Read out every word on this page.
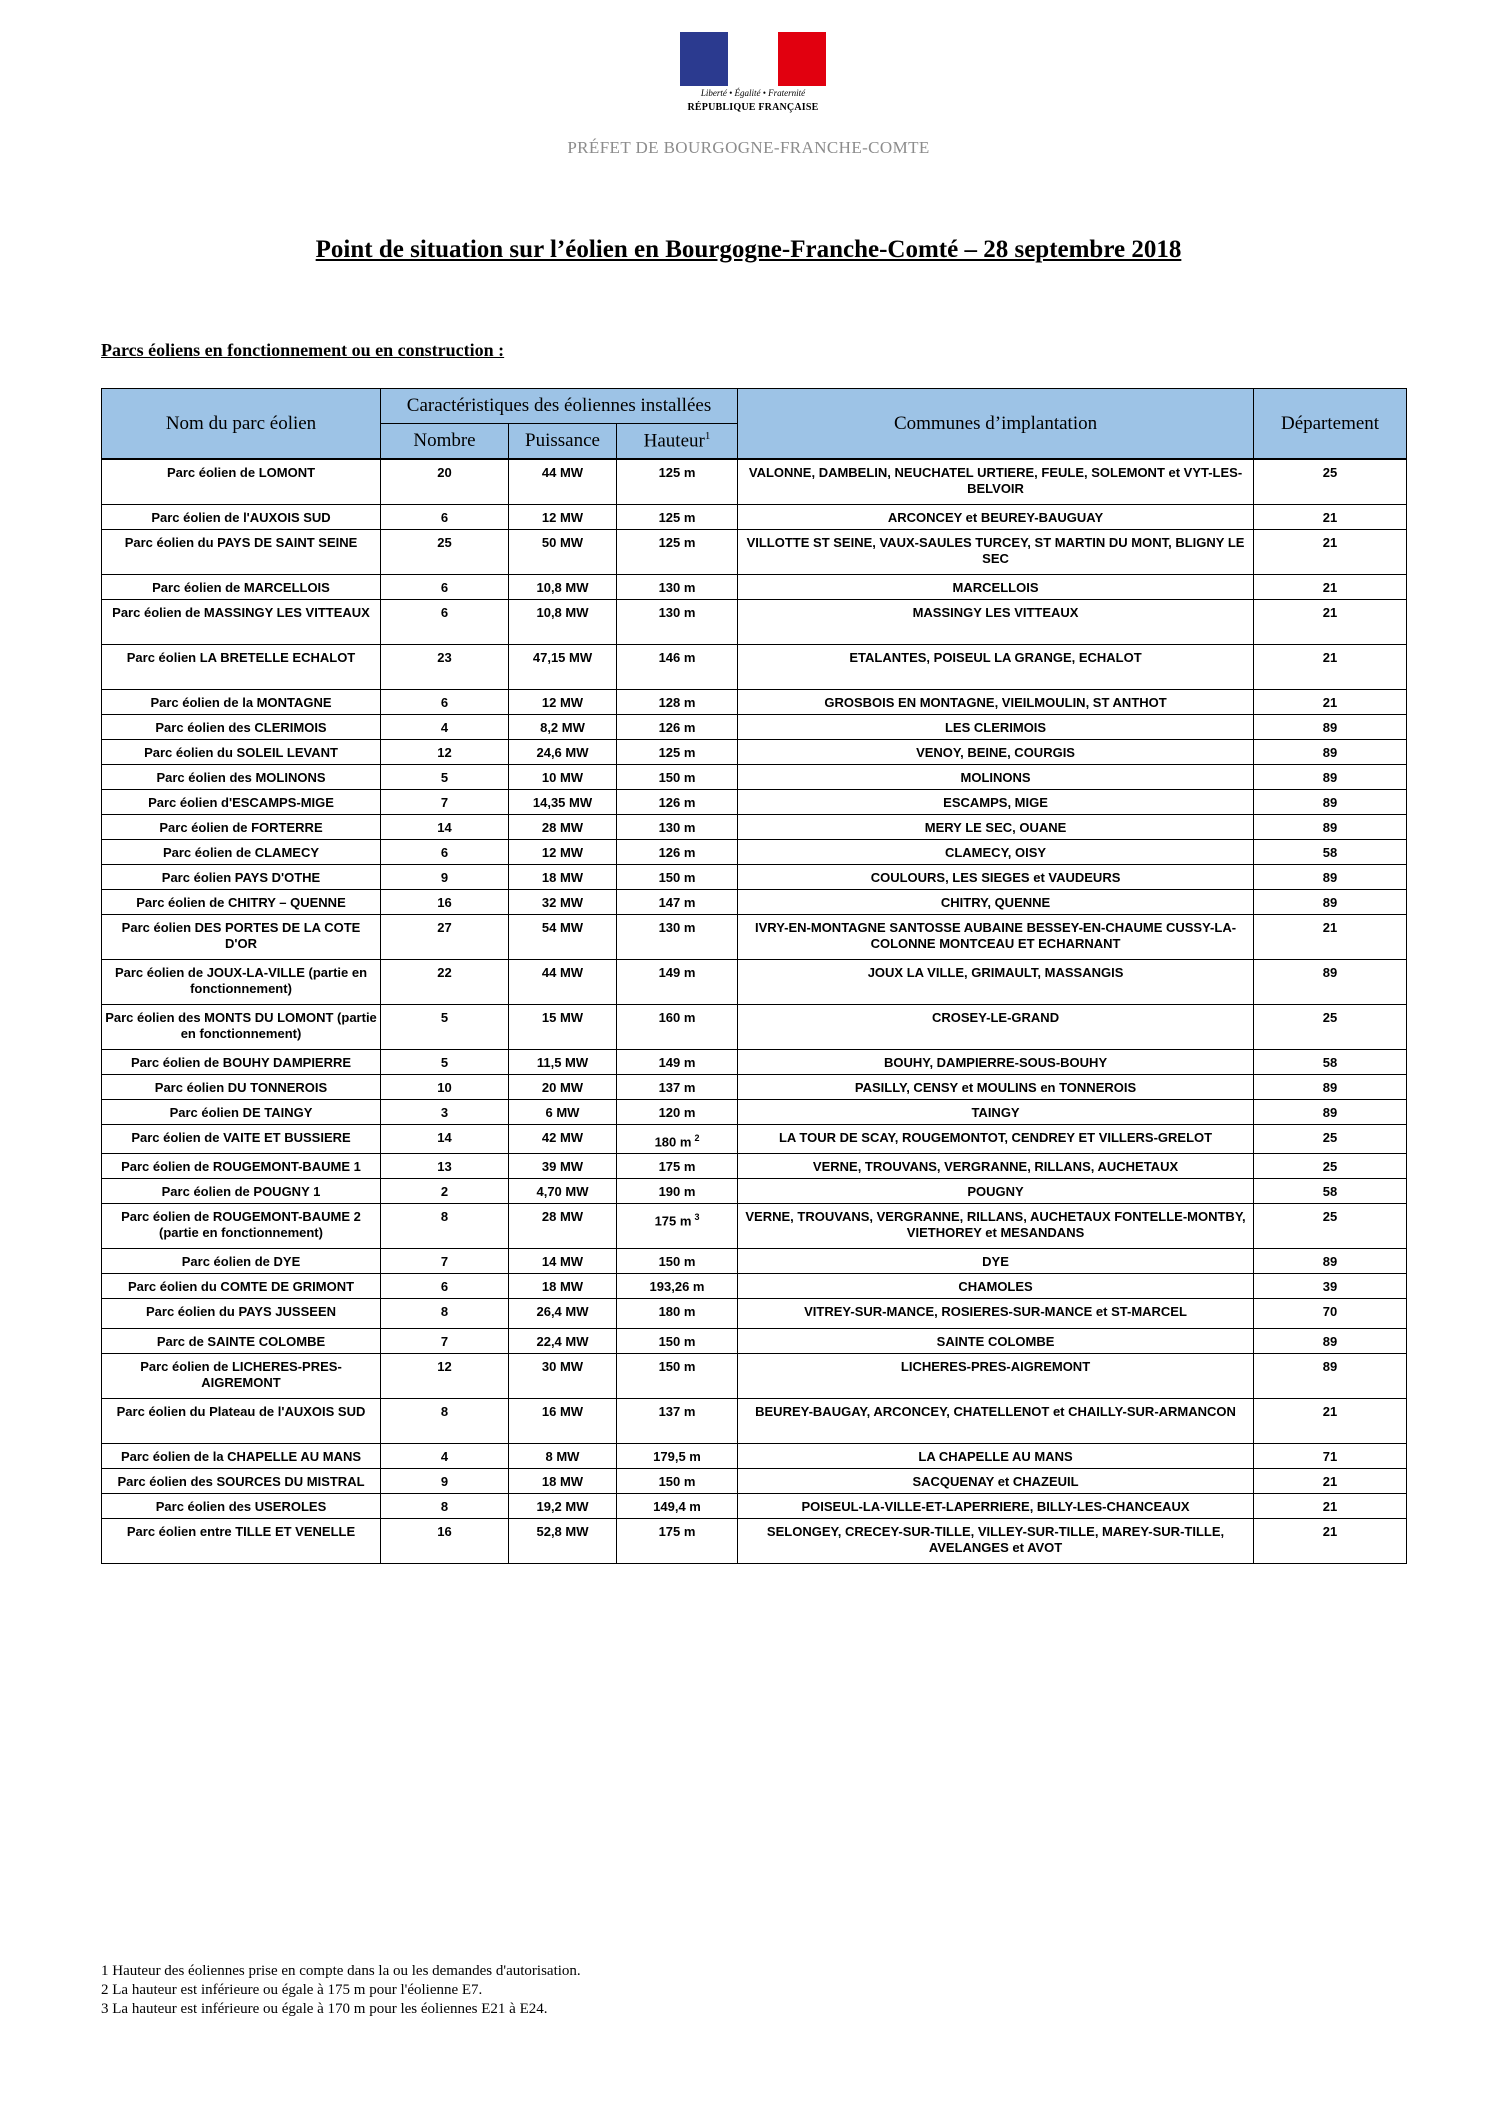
Liberté • Égalité • Fraternité
RÉPUBLIQUE FRANÇAISE
PRÉFET DE BOURGOGNE-FRANCHE-COMTE
Point de situation sur l’éolien en Bourgogne-Franche-Comté – 28 septembre 2018
Parcs éoliens en fonctionnement ou en construction :
Nom du parc éolien	Caractéristiques des éoliennes installées			Communes d’implantation	Département
	Nombre	Puissance	Hauteur$^1$

Parc éolien de LOMONT	20	44 MW	125 m	VALONNE, DAMBELIN, NEUCHATEL URTIERE, FEULE, SOLEMONT et VYT-LES-BELVOIR	25
Parc éolien de l'AUXOIS SUD	6	12 MW	125 m	ARCONCEY et BEUREY-BAUGUAY	21
Parc éolien du PAYS DE SAINT SEINE	25	50 MW	125 m	VILLOTTE ST SEINE, VAUX-SAULES TURCEY, ST MARTIN DU MONT, BLIGNY LE SEC	21
Parc éolien de MARCELLOIS	6	10,8 MW	130 m	MARCELLOIS	21
Parc éolien de MASSINGY LES VITTEAUX	6	10,8 MW	130 m	MASSINGY LES VITTEAUX	21
Parc éolien LA BRETELLE ECHALOT	23	47,15 MW	146 m	ETALANTES, POISEUL LA GRANGE, ECHALOT	21
Parc éolien de la MONTAGNE	6	12 MW	128 m	GROSBOIS EN MONTAGNE, VIEILMOULIN, ST ANTHOT	21
Parc éolien des CLERIMOIS	4	8,2 MW	126 m	LES CLERIMOIS	89
Parc éolien du SOLEIL LEVANT	12	24,6 MW	125 m	VENOY, BEINE, COURGIS	89
Parc éolien des MOLINONS	5	10 MW	150 m	MOLINONS	89
Parc éolien d'ESCAMPS-MIGE	7	14,35 MW	126 m	ESCAMPS, MIGE	89
Parc éolien de FORTERRE	14	28 MW	130 m	MERY LE SEC, OUANE	89
Parc éolien de CLAMECY	6	12 MW	126 m	CLAMECY, OISY	58
Parc éolien PAYS D'OTHE	9	18 MW	150 m	COULOURS, LES SIEGES et VAUDEURS	89
Parc éolien de CHITRY – QUENNE	16	32 MW	147 m	CHITRY, QUENNE	89
Parc éolien DES PORTES DE LA COTE D'OR	27	54 MW	130 m	IVRY-EN-MONTAGNE SANTOSSE AUBAINE BESSEY-EN-CHAUME CUSSY-LA-COLONNE MONTCEAU ET ECHARNANT	21
Parc éolien de JOUX-LA-VILLE (partie en fonctionnement)	22	44 MW	149 m	JOUX LA VILLE, GRIMAULT, MASSANGIS	89
Parc éolien des MONTS DU LOMONT (partie en fonctionnement)	5	15 MW	160 m	CROSEY-LE-GRAND	25
Parc éolien de BOUHY DAMPIERRE	5	11,5 MW	149 m	BOUHY, DAMPIERRE-SOUS-BOUHY	58
Parc éolien DU TONNEROIS	10	20 MW	137 m	PASILLY, CENSY et MOULINS en TONNEROIS	89
Parc éolien DE TAINGY	3	6 MW	120 m	TAINGY	89
Parc éolien de VAITE ET BUSSIERE	14	42 MW	180 m $^2$	LA TOUR DE SCAY, ROUGEMONTOT, CENDREY ET VILLERS-GRELOT	25
Parc éolien de ROUGEMONT-BAUME 1	13	39 MW	175 m	VERNE, TROUVANS, VERGRANNE, RILLANS, AUCHETAUX	25
Parc éolien de POUGNY 1	2	4,70 MW	190 m	POUGNY	58
Parc éolien de ROUGEMONT-BAUME 2 (partie en fonctionnement)	8	28 MW	175 m $^3$	VERNE, TROUVANS, VERGRANNE, RILLANS, AUCHETAUX FONTELLE-MONTBY, VIETHOREY et MESANDANS	25
Parc éolien de DYE	7	14 MW	150 m	DYE	89
Parc éolien du COMTE DE GRIMONT	6	18 MW	193,26 m	CHAMOLES	39
Parc éolien du PAYS JUSSEEN	8	26,4 MW	180 m	VITREY-SUR-MANCE, ROSIERES-SUR-MANCE et ST-MARCEL	70
Parc de SAINTE COLOMBE	7	22,4 MW	150 m	SAINTE COLOMBE	89
Parc éolien de LICHERES-PRES-AIGREMONT	12	30 MW	150 m	LICHERES-PRES-AIGREMONT	89
Parc éolien du Plateau de l'AUXOIS SUD	8	16 MW	137 m	BEUREY-BAUGAY, ARCONCEY, CHATELLENOT et CHAILLY-SUR-ARMANCON	21
Parc éolien de la CHAPELLE AU MANS	4	8 MW	179,5 m	LA CHAPELLE AU MANS	71
Parc éolien des SOURCES DU MISTRAL	9	18 MW	150 m	SACQUENAY et CHAZEUIL	21
Parc éolien des USEROLES	8	19,2 MW	149,4 m	POISEUL-LA-VILLE-ET-LAPERRIERE, BILLY-LES-CHANCEAUX	21
Parc éolien entre TILLE ET VENELLE	16	52,8 MW	175 m	SELONGEY, CRECEY-SUR-TILLE, VILLEY-SUR-TILLE, MAREY-SUR-TILLE, AVELANGES et AVOT	21
1 Hauteur des éoliennes prise en compte dans la ou les demandes d'autorisation.
2 La hauteur est inférieure ou égale à 175 m pour l'éolienne E7.
3 La hauteur est inférieure ou égale à 170 m pour les éoliennes E21 à E24.
